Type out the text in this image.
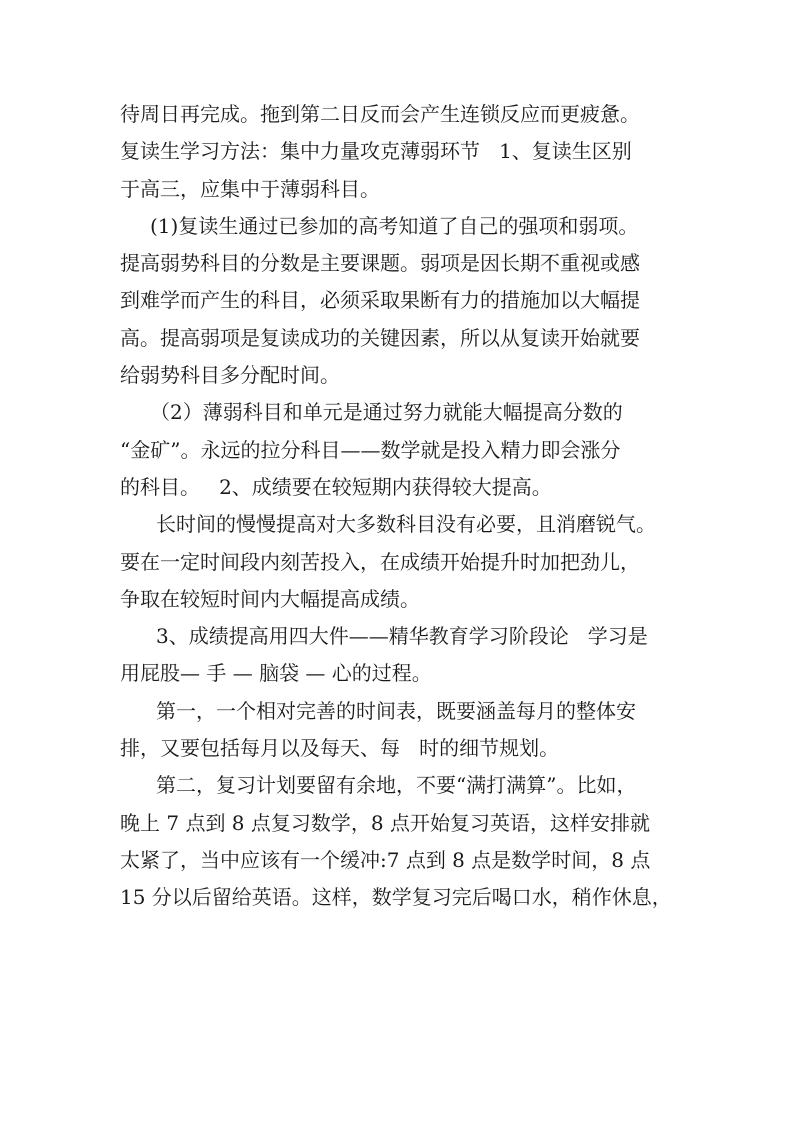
待周日再完成。拖到第二日反而会产生连锁反应而更疲惫。
复读生学习方法：集中力量攻克薄弱环节   1、复读生区别
于高三，应集中于薄弱科目。
(1)复读生通过已参加的高考知道了自己的强项和弱项。
提高弱势科目的分数是主要课题。弱项是因长期不重视或感
到难学而产生的科目，必须采取果断有力的措施加以大幅提
高。提高弱项是复读成功的关键因素，所以从复读开始就要
给弱势科目多分配时间。
（2）薄弱科目和单元是通过努力就能大幅提高分数的
“金矿”。永远的拉分科目——数学就是投入精力即会涨分
的科目。   2、成绩要在较短期内获得较大提高。
长时间的慢慢提高对大多数科目没有必要，且消磨锐气。
要在一定时间段内刻苦投入，在成绩开始提升时加把劲儿，
争取在较短时间内大幅提高成绩。
3、成绩提高用四大件——精华教育学习阶段论   学习是
用屁股— 手 — 脑袋 — 心的过程。
第一，一个相对完善的时间表，既要涵盖每月的整体安
排，又要包括每月以及每天、每   时的细节规划。
第二，复习计划要留有余地，不要“满打满算”。比如，
晚上 7 点到 8 点复习数学，8 点开始复习英语，这样安排就
太紧了，当中应该有一个缓冲:7 点到 8 点是数学时间，8 点
15 分以后留给英语。这样，数学复习完后喝口水，稍作休息，
